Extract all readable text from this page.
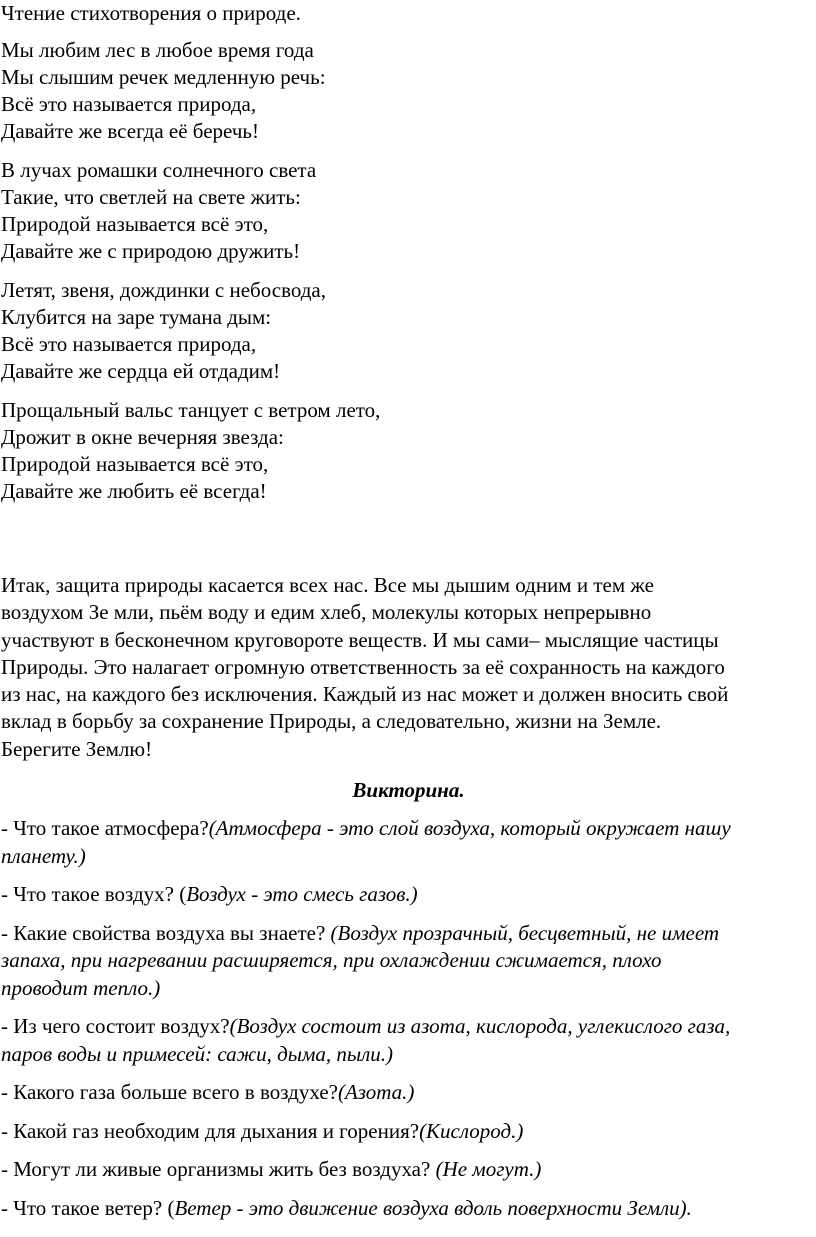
Чтение стихотворения о природе.
Мы любим лес в любое время года
Мы слышим речек медленную речь:
Всё это называется природа,
Давайте же всегда её беречь!
В лучах ромашки солнечного света
Такие, что светлей на свете жить:
Природой называется всё это,
Давайте же с природою дружить!
Летят, звеня, дождинки с небосвода,
Клубится на заре тумана дым:
Всё это называется природа,
Давайте же сердца ей отдадим!
Прощальный вальс танцует с ветром лето,
Дрожит в окне вечерняя звезда:
Природой называется всё это,
Давайте же любить её всегда!
Итак, защита природы касается всех нас. Все мы дышим одним и тем же
воздухом Зе мли, пьём воду и едим хлеб, молекулы которых непрерывно
участвуют в бесконечном круговороте веществ. И мы сами– мыслящие частицы
Природы. Это налагает огромную ответственность за её сохранность на каждого
из нас, на каждого без исключения. Каждый из нас может и должен вносить свой
вклад в борьбу за сохранение Природы, а следовательно, жизни на Земле.
Берегите Землю!
Викторина.
- Что такое атмосфера?(Атмосфера - это слой воздуха, который окружает нашу
планету.)
- Что такое воздух? (Воздух - это смесь газов.)
- Какие свойства воздуха вы знаете? (Воздух прозрачный, бесцветный, не имеет
запаха, при нагревании расширяется, при охлаждении сжимается, плохо
проводит тепло.)
- Из чего состоит воздух?(Воздух состоит из азота, кислорода, углекислого газа,
паров воды и примесей: сажи, дыма, пыли.)
- Какого газа больше всего в воздухе?(Азота.)
- Какой газ необходим для дыхания и горения?(Кислород.)
- Могут ли живые организмы жить без воздуха? (Не могут.)
- Что такое ветер? (Ветер - это движение воздуха вдоль поверхности Земли).
